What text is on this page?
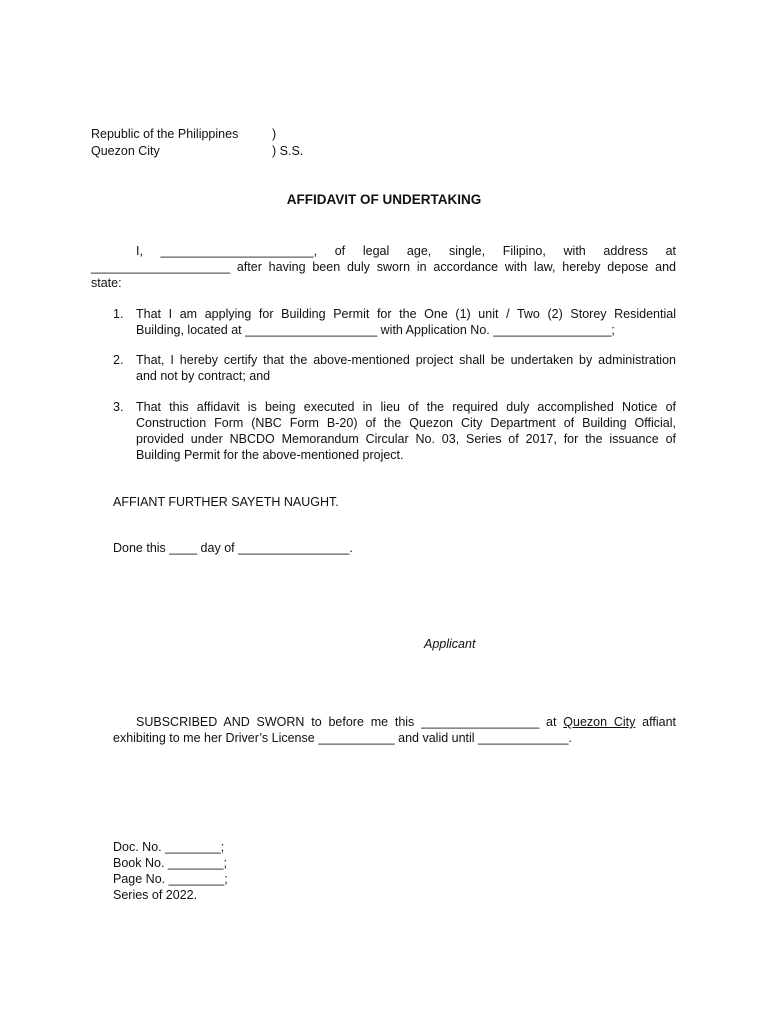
Republic of the Philippines	)
Quezon City	) S.S.
AFFIDAVIT OF UNDERTAKING
I, ______________________, of legal age, single, Filipino, with address at
____________________ after having been duly sworn in accordance with law, hereby depose and
state:
1. That I am applying for Building Permit for the One (1) unit / Two (2) Storey Residential
Building, located at ___________________ with Application No. _________________;
2. That, I hereby certify that the above-mentioned project shall be undertaken by administration
and not by contract; and
3. That this affidavit is being executed in lieu of the required duly accomplished Notice of
Construction Form (NBC Form B-20) of the Quezon City Department of Building Official,
provided under NBCDO Memorandum Circular No. 03, Series of 2017, for the issuance of
Building Permit for the above-mentioned project.
AFFIANT FURTHER SAYETH NAUGHT.
Done this ____ day of ________________.
Applicant
SUBSCRIBED AND SWORN to before me this _________________ at Quezon City affiant
exhibiting to me her Driver’s License ___________ and valid until _____________.
Doc. No. ________;
Book No. ________;
Page No. ________;
Series of 2022.
